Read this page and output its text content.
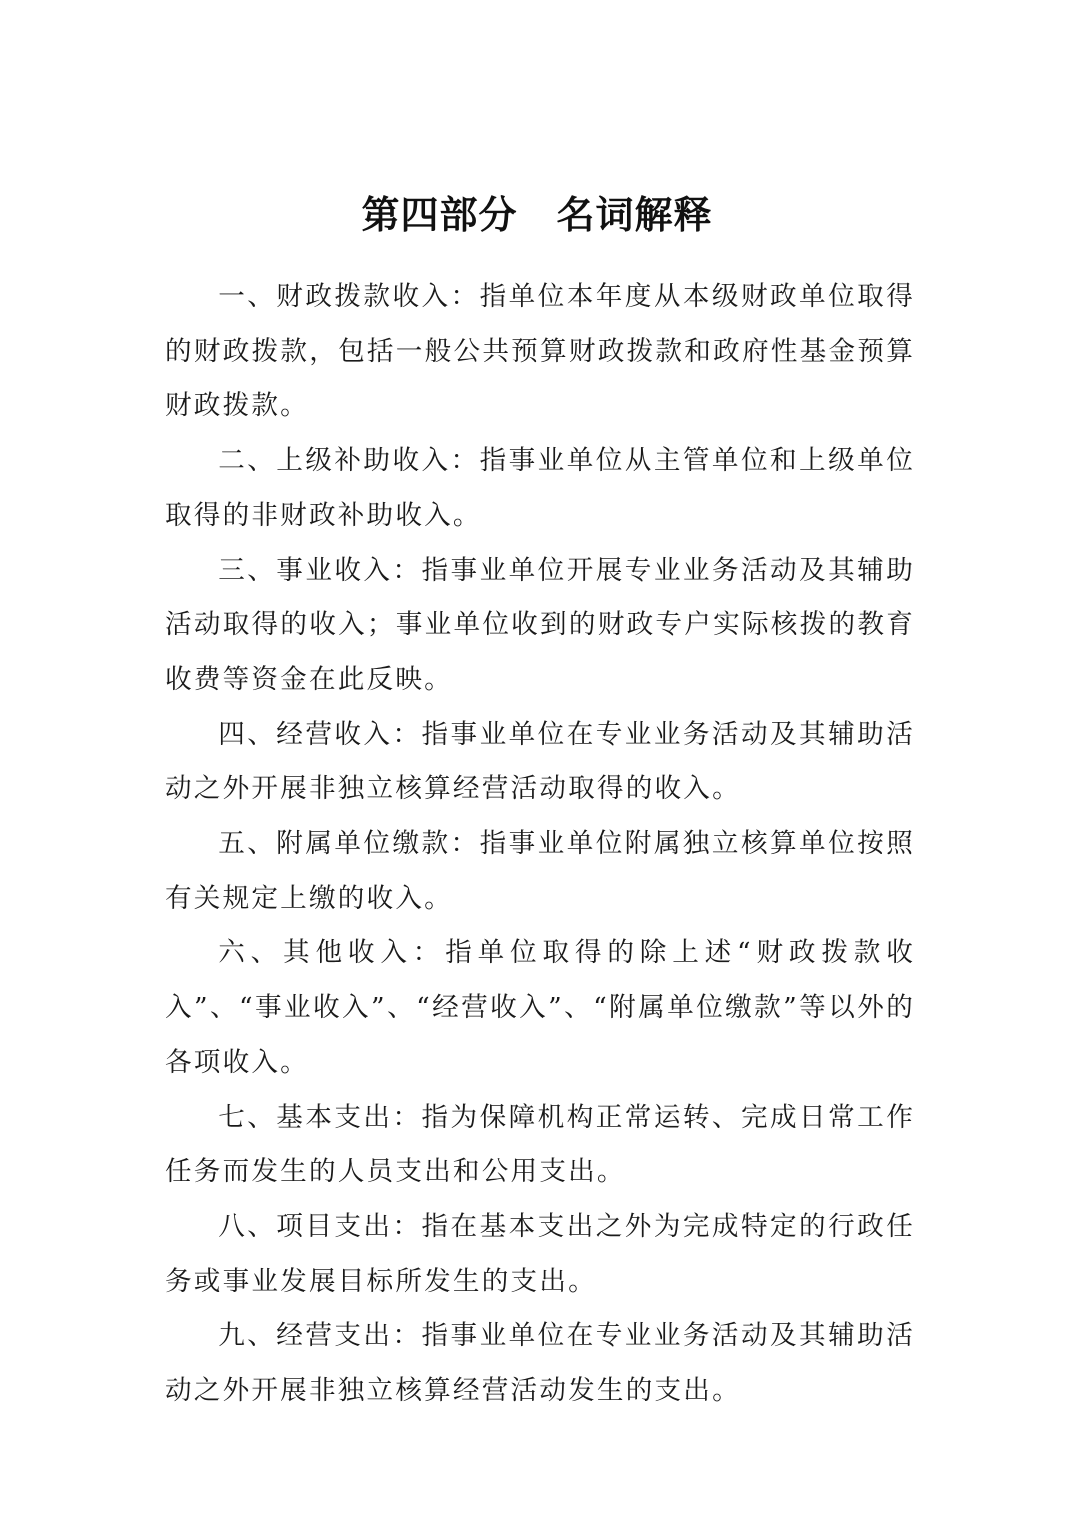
第四部分　名词解释

一、财政拨款收入：指单位本年度从本级财政单位取得的财政拨款，包括一般公共预算财政拨款和政府性基金预算财政拨款。

二、上级补助收入：指事业单位从主管单位和上级单位取得的非财政补助收入。

三、事业收入：指事业单位开展专业业务活动及其辅助活动取得的收入；事业单位收到的财政专户实际核拨的教育收费等资金在此反映。

四、经营收入：指事业单位在专业业务活动及其辅助活动之外开展非独立核算经营活动取得的收入。

五、附属单位缴款：指事业单位附属独立核算单位按照有关规定上缴的收入。

六、其他收入：指单位取得的除上述“财政拨款收入”、“事业收入”、“经营收入”、“附属单位缴款”等以外的各项收入。

七、基本支出：指为保障机构正常运转、完成日常工作任务而发生的人员支出和公用支出。

八、项目支出：指在基本支出之外为完成特定的行政任务或事业发展目标所发生的支出。

九、经营支出：指事业单位在专业业务活动及其辅助活动之外开展非独立核算经营活动发生的支出。
